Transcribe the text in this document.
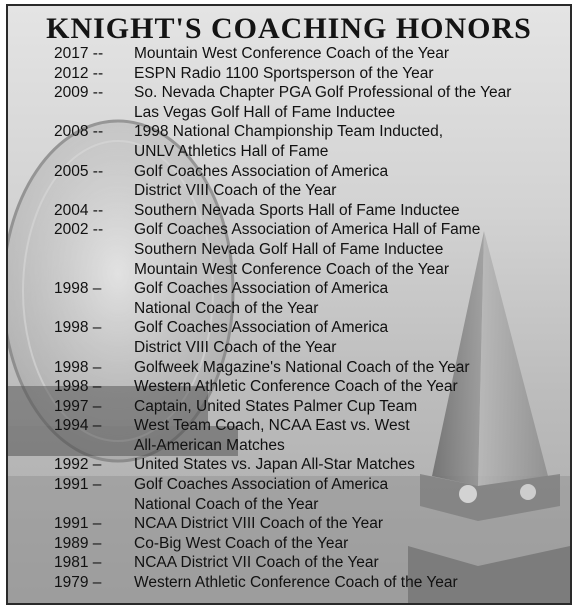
KNIGHT'S COACHING HONORS
2017 --	Mountain West Conference Coach of the Year
2012 --	ESPN Radio 1100 Sportsperson of the Year
2009 --	So. Nevada Chapter PGA Golf Professional of the Year
Las Vegas Golf Hall of Fame Inductee
2008 --	1998 National Championship Team Inducted,
UNLV Athletics Hall of Fame
2005 --	Golf Coaches Association of America
District VIII Coach of the Year
2004 --	Southern Nevada Sports Hall of Fame Inductee
2002 --	Golf Coaches Association of America Hall of Fame
Southern Nevada Golf Hall of Fame Inductee
Mountain West Conference Coach of the Year
1998 –	Golf Coaches Association of America
National Coach of the Year
1998 –	Golf Coaches Association of America
District VIII Coach of the Year
1998 –	Golfweek Magazine's National Coach of the Year
1998 –	Western Athletic Conference Coach of the Year
1997 –	Captain, United States Palmer Cup Team
1994 –	West Team Coach, NCAA East vs. West
All-American Matches
1992 –	United States vs. Japan All-Star Matches
1991 –	Golf Coaches Association of America
National Coach of the Year
1991 –	NCAA District VIII Coach of the Year
1989 –	Co-Big West Coach of the Year
1981 –	NCAA District VII Coach of the Year
1979 –	Western Athletic Conference Coach of the Year
